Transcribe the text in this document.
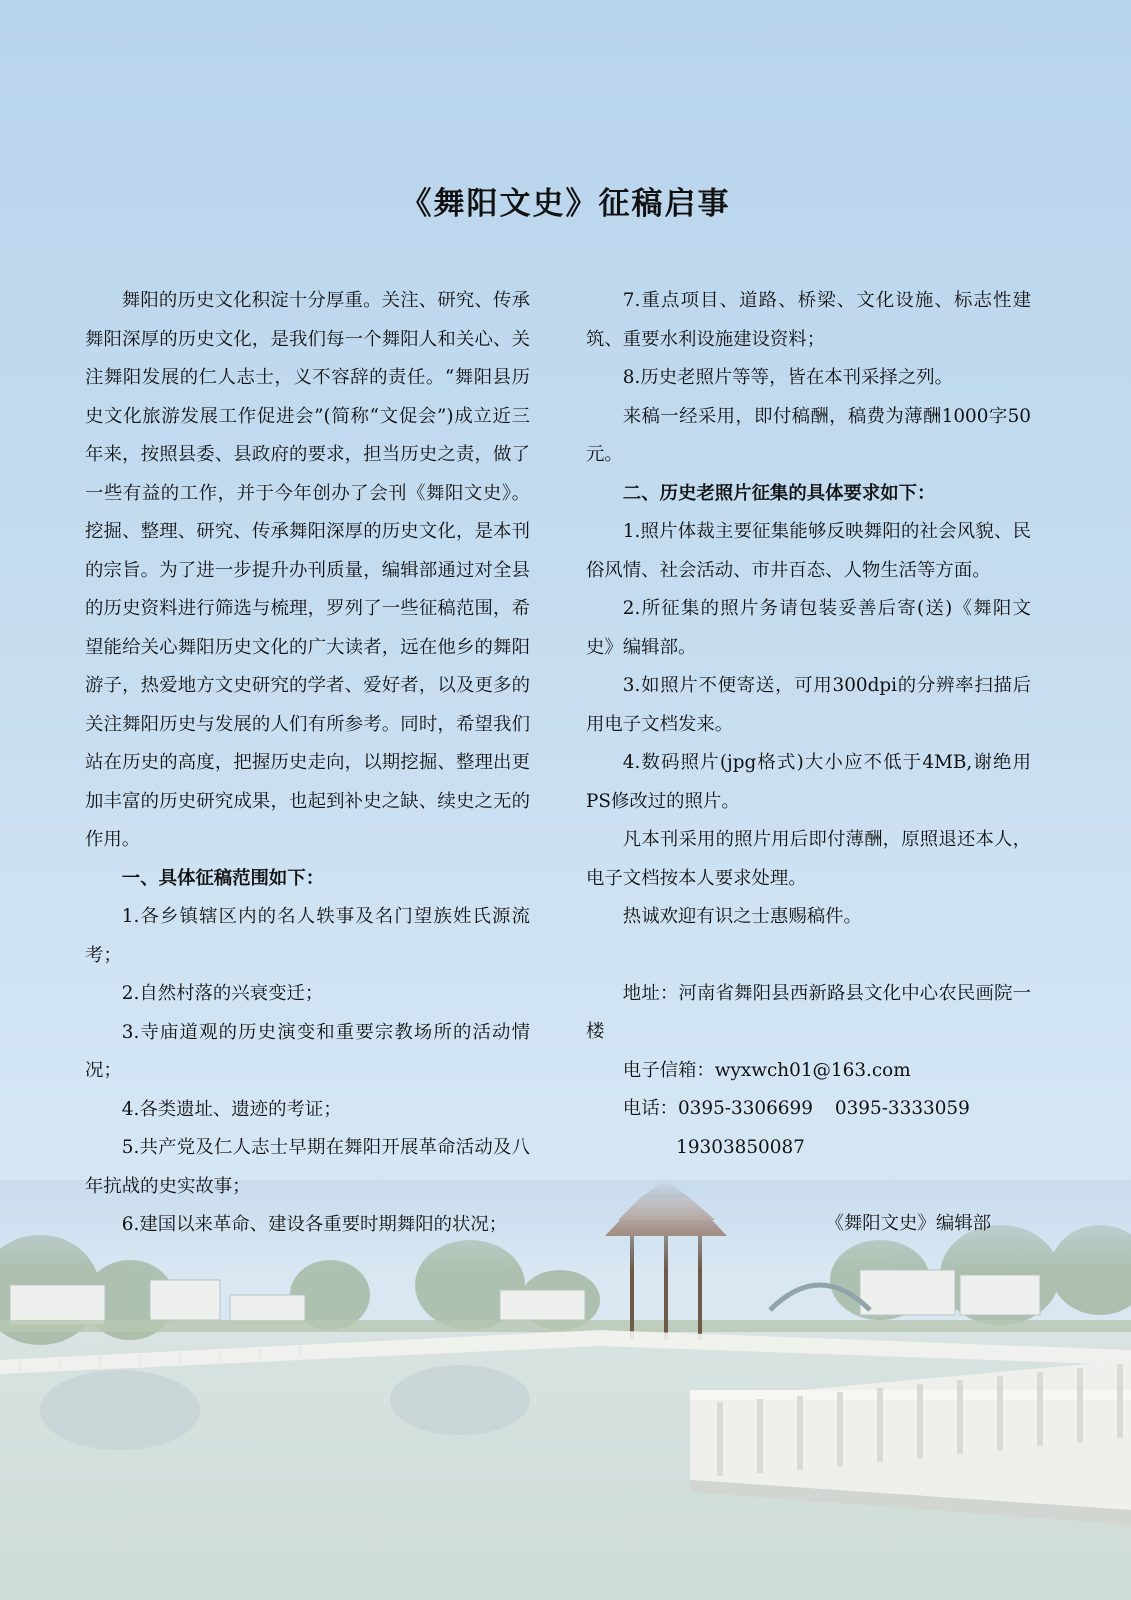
《舞阳文史》征稿启事

舞阳的历史文化积淀十分厚重。关注、研究、传承舞阳深厚的历史文化，是我们每一个舞阳人和关心、关注舞阳发展的仁人志士，义不容辞的责任。“舞阳县历史文化旅游发展工作促进会”(简称“文促会”)成立近三年来，按照县委、县政府的要求，担当历史之责，做了一些有益的工作，并于今年创办了会刊《舞阳文史》。挖掘、整理、研究、传承舞阳深厚的历史文化，是本刊的宗旨。为了进一步提升办刊质量，编辑部通过对全县的历史资料进行筛选与梳理，罗列了一些征稿范围，希望能给关心舞阳历史文化的广大读者，远在他乡的舞阳游子，热爱地方文史研究的学者、爱好者，以及更多的关注舞阳历史与发展的人们有所参考。同时，希望我们站在历史的高度，把握历史走向，以期挖掘、整理出更加丰富的历史研究成果，也起到补史之缺、续史之无的作用。

一、具体征稿范围如下：

1.各乡镇辖区内的名人轶事及名门望族姓氏源流考；

2.自然村落的兴衰变迁；

3.寺庙道观的历史演变和重要宗教场所的活动情况；

4.各类遗址、遗迹的考证；

5.共产党及仁人志士早期在舞阳开展革命活动及八年抗战的史实故事；

6.建国以来革命、建设各重要时期舞阳的状况；

7.重点项目、道路、桥梁、文化设施、标志性建筑、重要水利设施建设资料；

8.历史老照片等等，皆在本刊采择之列。

来稿一经采用，即付稿酬，稿费为薄酬1000字50元。

二、历史老照片征集的具体要求如下：

1.照片体裁主要征集能够反映舞阳的社会风貌、民俗风情、社会活动、市井百态、人物生活等方面。

2.所征集的照片务请包装妥善后寄(送)《舞阳文史》编辑部。

3.如照片不便寄送，可用300dpi的分辨率扫描后用电子文档发来。

4.数码照片(jpg格式)大小应不低于4MB,谢绝用PS修改过的照片。

凡本刊采用的照片用后即付薄酬，原照退还本人，电子文档按本人要求处理。

热诚欢迎有识之士惠赐稿件。

地址：河南省舞阳县西新路县文化中心农民画院一楼

电子信箱：wyxwch01@163.com

电话：0395-3306699 0395-3333059

19303850087

《舞阳文史》编辑部
